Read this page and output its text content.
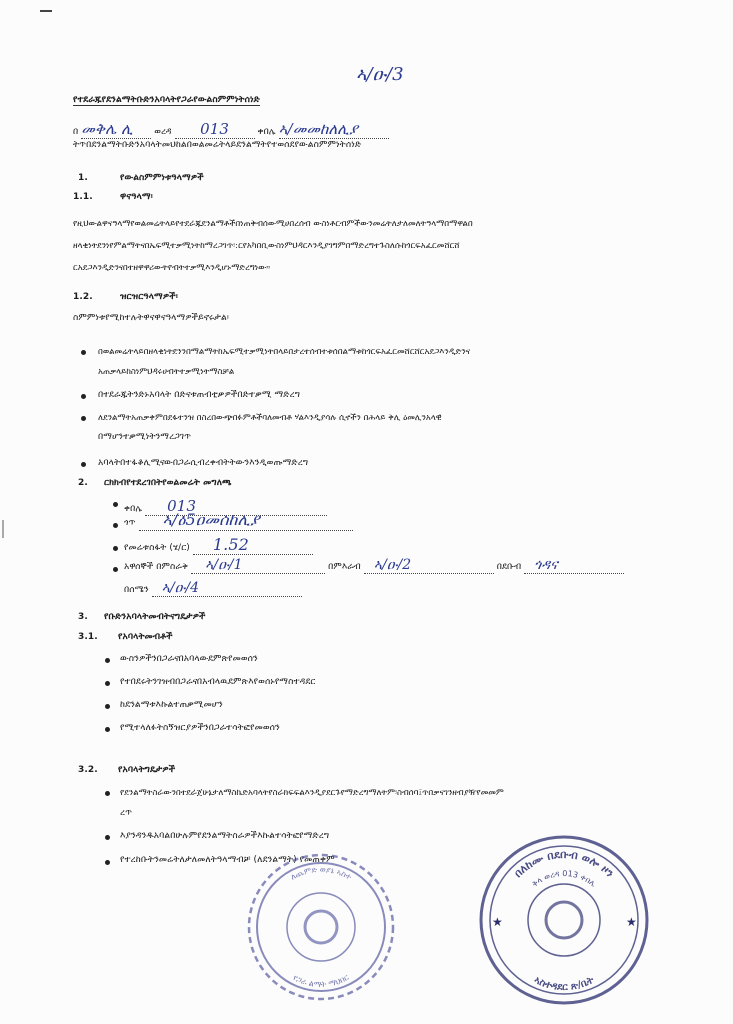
ኣ/ዑ/3
የተደራጁየደንልማትቡድንአባላትየጋራየውልስምምነትሰነድ
በ መቅሌ ሊ ወረዳ 013	ቀበሌ ኣ/መመከለሊያ
ትጥበደንልማትቡድንአባላትመህከልበወልመሬትላይደንልማትየተወሰደየውልስምምነትሰነድ
1.	የውልስምምነቱዓላማዎች
1.1.	ዋናዓላማ፡
የዚህውልዋናዓላማየወልመሬትላይየተደራጁደንልማቶችበነጠቅብሰውሚሀበረሰብ ውስነቶርብምችውንመሬትለታለመለትዓላማበማዋልበ
ዘላቂነትደንነየምልማትናበኤፍሚተቃሚነትከማረጋገጥ፡:ርየአካበቢውስነምህዳርእንዲያገግምበማድረግተጉስለሱከጎርፍአፈርመሸርሸ
ርአደጋእንዲድንናበተዘዋዋሪውትየብትተቃሚእንዲሆኑማድረግነው።
1.2.	ዝርዝርዓላማዎች፡
ስምምነቱየሚከተሉትዋናዋናዓላማዎችይኖሩታል፡
በወልመሬትላይበዘላቂነትደንንበማልማትከኤፍሚተቃሚነትበላይበታረተሰብተቱሰበልማቱከጎርፍአፈርመሸርሸርአደጋእንዲድንና
አጠቃላይከስነምህዳሩሀብትተቃሚነትማስቻል
በተደራጁትንድኑአባላት በድናቱጠብቲቃዎችበድተቃሚ ማድረግ
ለደንልማትአጠቃቀምበደፋተንዝ በስረበውጭበፉምቶችባለመብቶ ሃልእንዲያሳሉ ሲኖችን በሕላይ ቅሊ ዕመሊንአላዊ
በማሆንተቃሚነትንማረጋገጥ
አባላትበተፋቆሊሚናውበጋራሲብረቀብትትውንእንዲወጡማድረግ
2. ርክክብየተደረገበትየወልመሬት መግለጫ
ቀበሌ 013
ጎጥ ኣ/ዕ5ዐመሰከሊያ
የመሬቱስፋት (ሄ/ር) 1.52
አዋሰኞች በምስራቅ ኣ/ዑ/1	በምእራብ ኣ/ዑ/2	በደቡብ ጎዳና
በሰሜን ኣ/ዑ/4
3. የቡድንአባላትመብትናግዴታዎች
3.1. የአባላትመብቶች
ውስንዎችንበጋራናበአባላውደምጽየመወሰን
የተበደሩትንገዝብበጋራናበአብላዉደምጽእየወሰኑየማስተዳደር
ከደንልማቱእኩልተጠቃሚመሆን
የሚተላለፉትስኝዝርያዎችንበጋራተሳትፎየመወሰን
3.2. የአባላትግዴታዎች
የደንልማትስራውንበተደራጀሁኔታለማስኬድአባላትየስራክፍፍልእንዲያደርጉየማድረግማለትም፡ስብሰባ፤ጥበቃናገንዘብያዥየመመም
ረጥ
እያንዳንዱአባልበሁሉምየደንልማትስራዎችእኩልተሳትፎየማድረግ
የተረከቡትንመሬትለታለመለትዓላማብቻ (ለደንልማት) የመጠቀም
ለጨምድ ወያኔ ኣስተ
የጋራ ልማት ማህበር
★	★
በለከሙ በደቡብ ወሎ ዞን
ቅላ ወረዳ 013 ቀበሌ
ኣስተዳደር ጽ/ቤት
